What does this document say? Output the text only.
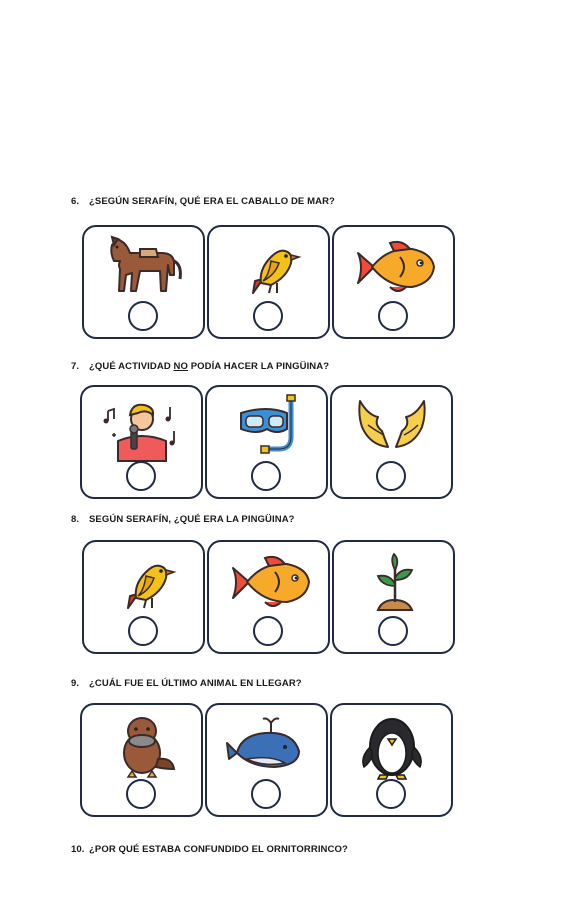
6. ¿SEGÚN SERAFÍN, QUÉ ERA EL CABALLO DE MAR?
7. ¿QUÉ ACTIVIDAD NO PODÍA HACER LA PINGÜINA?
8. SEGÚN SERAFÍN, ¿QUÉ ERA LA PINGÜINA?
9. ¿CUÁL FUE EL ÚLTIMO ANIMAL EN LLEGAR?
10. ¿POR QUÉ ESTABA CONFUNDIDO EL ORNITORRINCO?
